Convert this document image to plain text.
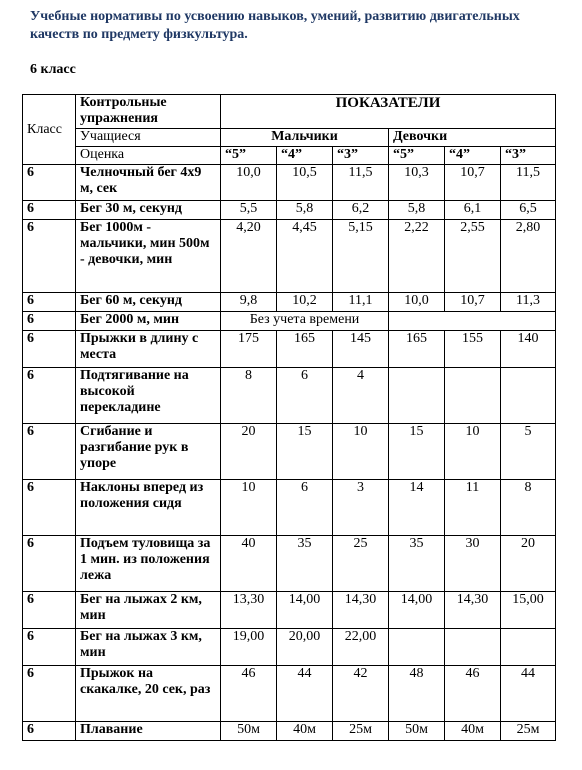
Учебные нормативы по усвоению навыков, умений, развитию двигательных качеств по предмету физкультура.
6 класс
Класс	Контрольные упражнения	ПОКАЗАТЕЛИ					
	Учащиеся	Мальчики			Девочки		
	Оценка	“5”	“4”	“3”	“5”	“4”	“3”
6	Челночный бег 4х9 м, сек	10,0	10,5	11,5	10,3	10,7	11,5
6	Бег 30 м, секунд	5,5	5,8	6,2	5,8	6,1	6,5
6	Бег 1000м - мальчики, мин 500м - девочки, мин	4,20	4,45	5,15	2,22	2,55	2,80
6	Бег 60 м, секунд	9,8	10,2	11,1	10,0	10,7	11,3
6	Бег 2000 м, мин	Без учета времени					
6	Прыжки в длину с места	175	165	145	165	155	140
6	Подтягивание на высокой перекладине	8	6	4			
6	Сгибание и разгибание рук в упоре	20	15	10	15	10	5
6	Наклоны вперед из положения сидя	10	6	3	14	11	8
6	Подъем туловища за 1 мин. из положения лежа	40	35	25	35	30	20
6	Бег на лыжах 2 км, мин	13,30	14,00	14,30	14,00	14,30	15,00
6	Бег на лыжах 3 км, мин	19,00	20,00	22,00			
6	Прыжок на скакалке, 20 сек, раз	46	44	42	48	46	44
6	Плавание	50м	40м	25м	50м	40м	25м
